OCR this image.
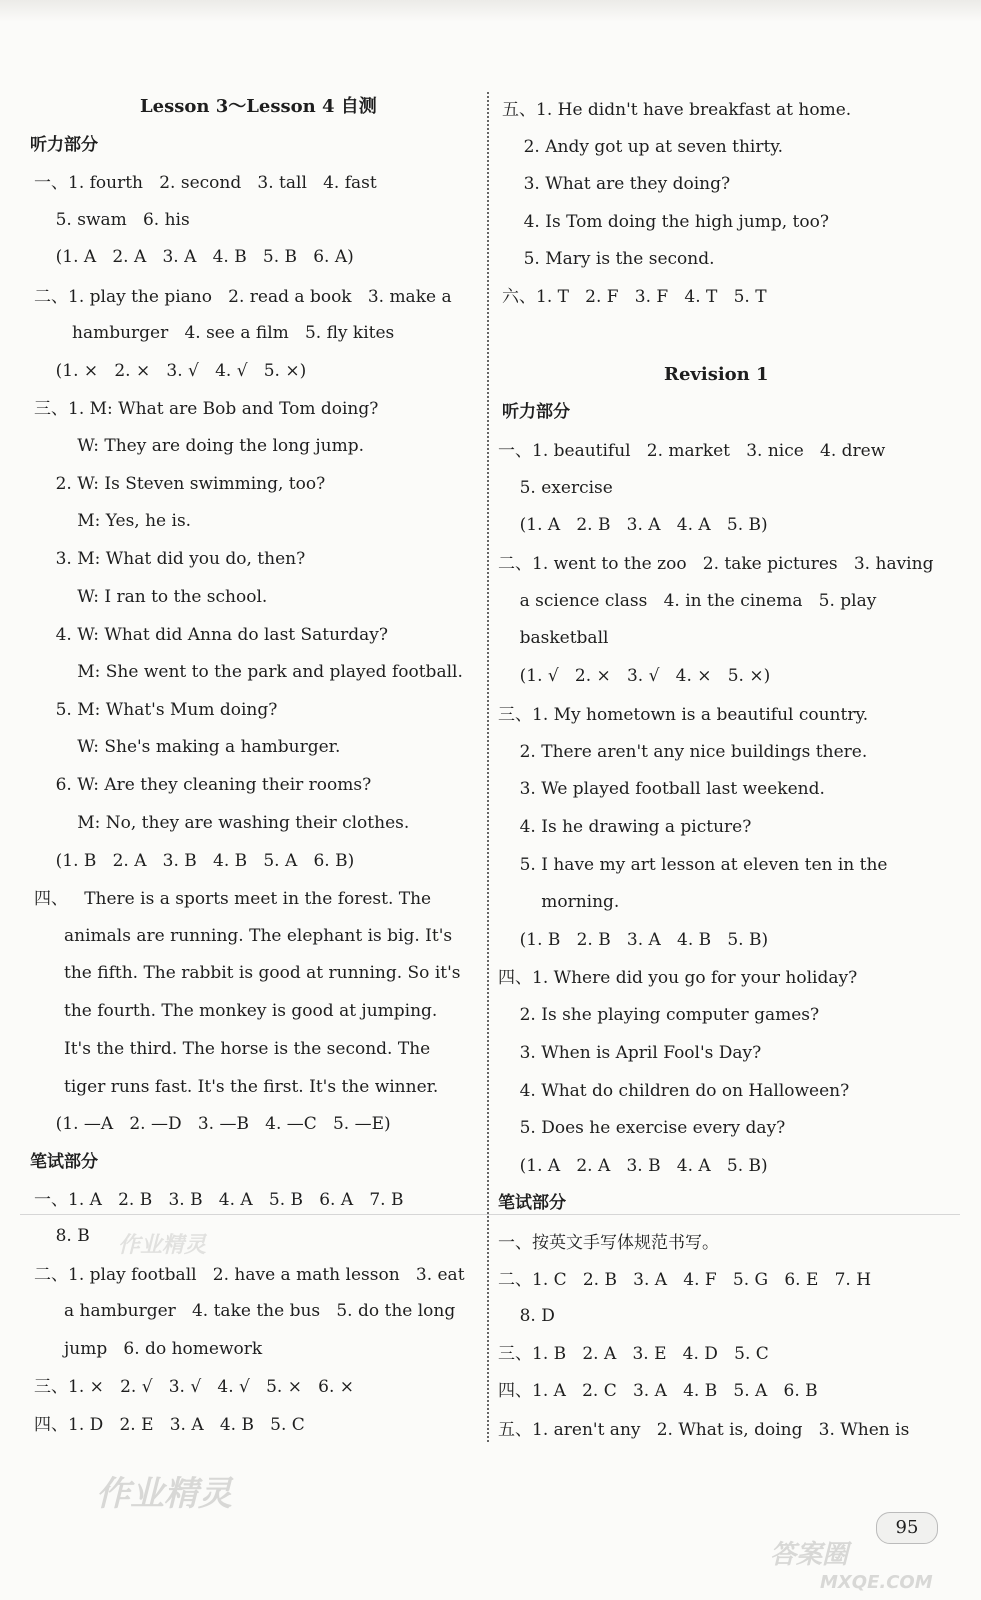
Lesson 3～Lesson 4 自测
听力部分
一、1. fourth   2. second   3. tall   4. fast
5. swam   6. his
(1. A   2. A   3. A   4. B   5. B   6. A)
二、1. play the piano   2. read a book   3. make a
hamburger   4. see a film   5. fly kites
(1. ×   2. ×   3. √   4. √   5. ×)
三、1. M: What are Bob and Tom doing?
W: They are doing the long jump.
2. W: Is Steven swimming, too?
M: Yes, he is.
3. M: What did you do, then?
W: I ran to the school.
4. W: What did Anna do last Saturday?
M: She went to the park and played football.
5. M: What's Mum doing?
W: She's making a hamburger.
6. W: Are they cleaning their rooms?
M: No, they are washing their clothes.
(1. B   2. A   3. B   4. B   5. A   6. B)
四、   There is a sports meet in the forest. The
animals are running. The elephant is big. It's
the fifth. The rabbit is good at running. So it's
the fourth. The monkey is good at jumping.
It's the third. The horse is the second. The
tiger runs fast. It's the first. It's the winner.
(1. —A   2. —D   3. —B   4. —C   5. —E)
笔试部分
一、1. A   2. B   3. B   4. A   5. B   6. A   7. B
8. B
二、1. play football   2. have a math lesson   3. eat
a hamburger   4. take the bus   5. do the long
jump   6. do homework
三、1. ×   2. √   3. √   4. √   5. ×   6. ×
四、1. D   2. E   3. A   4. B   5. C
五、1. He didn't have breakfast at home.
2. Andy got up at seven thirty.
3. What are they doing?
4. Is Tom doing the high jump, too?
5. Mary is the second.
六、1. T   2. F   3. F   4. T   5. T
Revision 1
听力部分
一、1. beautiful   2. market   3. nice   4. drew
5. exercise
(1. A   2. B   3. A   4. A   5. B)
二、1. went to the zoo   2. take pictures   3. having
a science class   4. in the cinema   5. play
basketball
(1. √   2. ×   3. √   4. ×   5. ×)
三、1. My hometown is a beautiful country.
2. There aren't any nice buildings there.
3. We played football last weekend.
4. Is he drawing a picture?
5. I have my art lesson at eleven ten in the
morning.
(1. B   2. B   3. A   4. B   5. B)
四、1. Where did you go for your holiday?
2. Is she playing computer games?
3. When is April Fool's Day?
4. What do children do on Halloween?
5. Does he exercise every day?
(1. A   2. A   3. B   4. A   5. B)
笔试部分
一、按英文手写体规范书写。
二、1. C   2. B   3. A   4. F   5. G   6. E   7. H
8. D
三、1. B   2. A   3. E   4. D   5. C
四、1. A   2. C   3. A   4. B   5. A   6. B
五、1. aren't any   2. What is, doing   3. When is
作业精灵
作业精灵
答案圈
MXQE.COM
95
